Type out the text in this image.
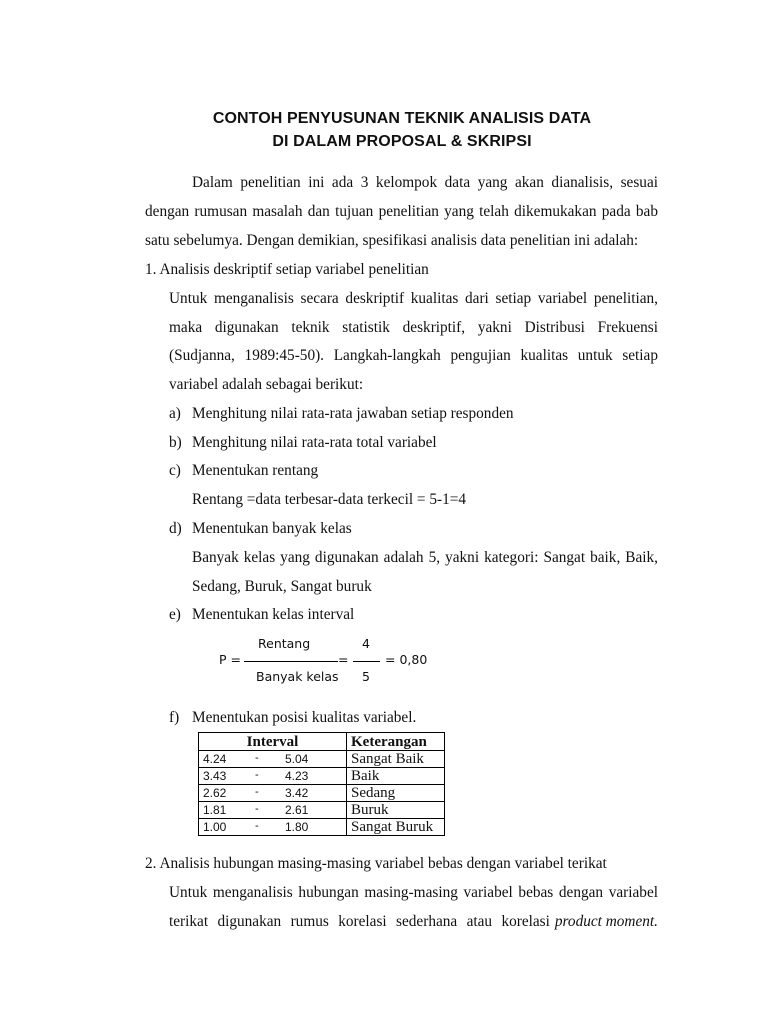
CONTOH PENYUSUNAN TEKNIK ANALISIS DATA
DI DALAM PROPOSAL & SKRIPSI
Dalam penelitian ini ada 3 kelompok data yang akan dianalisis, sesuai
dengan rumusan masalah dan tujuan penelitian yang telah dikemukakan pada bab
satu sebelumya. Dengan demikian, spesifikasi analisis data penelitian ini adalah:
1. Analisis deskriptif setiap variabel penelitian
Untuk menganalisis secara deskriptif kualitas dari setiap variabel penelitian,
maka digunakan teknik statistik deskriptif, yakni Distribusi Frekuensi
(Sudjanna, 1989:45-50). Langkah-langkah pengujian kualitas untuk setiap
variabel adalah sebagai berikut:
a) Menghitung nilai rata-rata jawaban setiap responden
b) Menghitung nilai rata-rata total variabel
c) Menentukan rentang
Rentang =data terbesar-data terkecil = 5-1=4
d) Menentukan banyak kelas
Banyak kelas yang digunakan adalah 5, yakni kategori: Sangat baik, Baik,
Sedang, Buruk, Sangat buruk
e) Menentukan kelas interval
Rentang	4
P =	=	= 0,80
Banyak kelas 5
f) Menentukan posisi kualitas variabel.
Interval	Keterangan
4.24 - 5.04	Sangat Baik
3.43 - 4.23	Baik
2.62 - 3.42	Sedang
1.81 - 2.61	Buruk
1.00 - 1.80	Sangat Buruk
2. Analisis hubungan masing-masing variabel bebas dengan variabel terikat
Untuk menganalisis hubungan masing-masing variabel bebas dengan variabel
terikat digunakan rumus korelasi sederhana atau korelasi product moment.
